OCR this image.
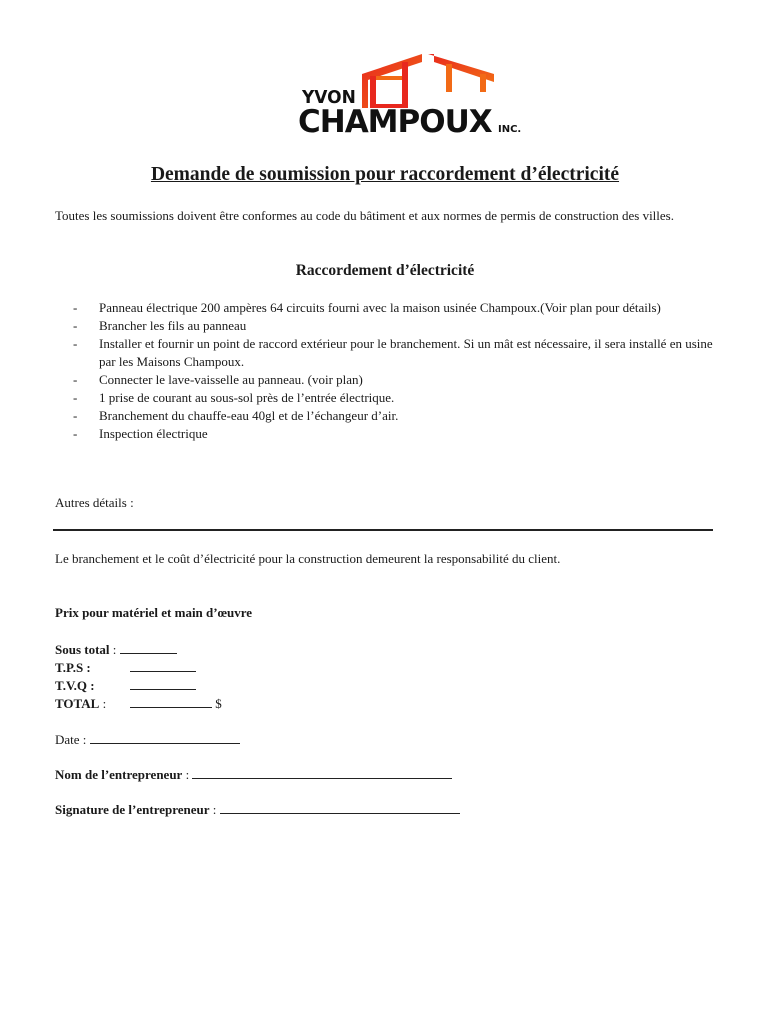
YVON
CHAMPOUX INC.
Demande de soumission pour raccordement d’électricité

Toutes les soumissions doivent être conformes au code du bâtiment et aux normes de permis de construction des villes.

Raccordement d’électricité
- Panneau électrique 200 ampères 64 circuits fourni avec la maison usinée Champoux.(Voir plan pour détails)
- Brancher les fils au panneau
- Installer et fournir un point de raccord extérieur pour le branchement. Si un mât est nécessaire, il sera installé en usine par les Maisons Champoux.
- Connecter le lave-vaisselle au panneau. (voir plan)
- 1 prise de courant au sous-sol près de l’entrée électrique.
- Branchement du chauffe-eau 40gl et de l’échangeur d’air.
- Inspection électrique

Autres détails :

Le branchement et le coût d’électricité pour la construction demeurent la responsabilité du client.

Prix pour matériel et main d’œuvre

Sous total :
T.P.S :
T.V.Q :
TOTAL :	$

Date :

Nom de l’entrepreneur :

Signature de l’entrepreneur :
